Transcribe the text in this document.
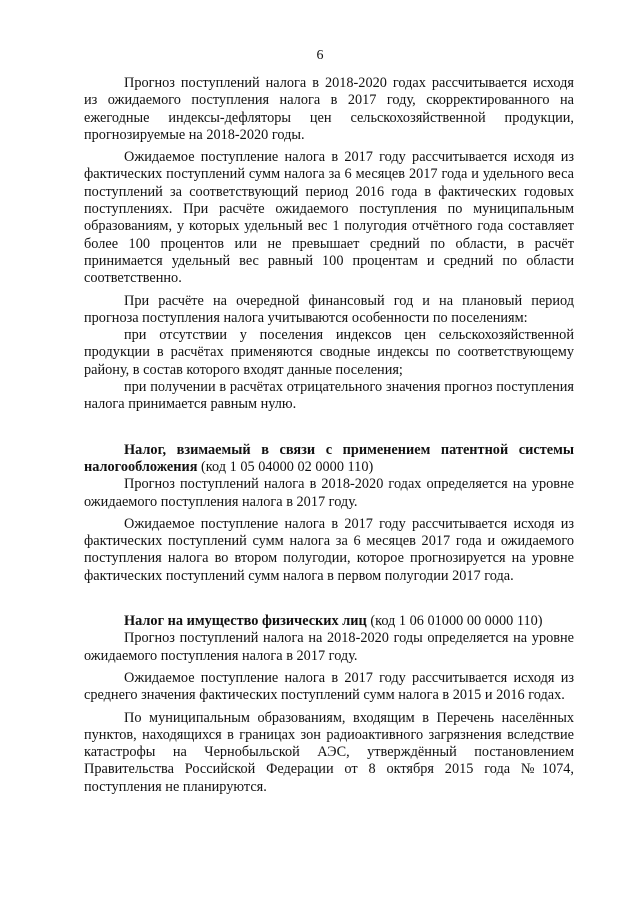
6

Прогноз поступлений налога в 2018-2020 годах рассчитывается исходя из ожидаемого поступления налога в 2017 году, скорректированного на ежегодные индексы-дефляторы цен сельскохозяйственной продукции, прогнозируемые на 2018-2020 годы.

Ожидаемое поступление налога в 2017 году рассчитывается исходя из фактических поступлений сумм налога за 6 месяцев 2017 года и удельного веса поступлений за соответствующий период 2016 года в фактических годовых поступлениях. При расчёте ожидаемого поступления по муниципальным образованиям, у которых удельный вес 1 полугодия отчётного года составляет более 100 процентов или не превышает средний по области, в расчёт принимается удельный вес равный 100 процентам и средний по области соответственно.

При расчёте на очередной финансовый год и на плановый период прогноза поступления налога учитываются особенности по поселениям:

при отсутствии у поселения индексов цен сельскохозяйственной продукции в расчётах применяются сводные индексы по соответствующему району, в состав которого входят данные поселения;

при получении в расчётах отрицательного значения прогноз поступления налога принимается равным нулю.

Налог, взимаемый в связи с применением патентной системы налогообложения (код 1 05 04000 02 0000 110)

Прогноз поступлений налога в 2018-2020 годах определяется на уровне ожидаемого поступления налога в 2017 году.

Ожидаемое поступление налога в 2017 году рассчитывается исходя из фактических поступлений сумм налога за 6 месяцев 2017 года и ожидаемого поступления налога во втором полугодии, которое прогнозируется на уровне фактических поступлений сумм налога в первом полугодии 2017 года.

Налог на имущество физических лиц (код 1 06 01000 00 0000 110)

Прогноз поступлений налога на 2018-2020 годы определяется на уровне ожидаемого поступления налога в 2017 году.

Ожидаемое поступление налога в 2017 году рассчитывается исходя из среднего значения фактических поступлений сумм налога в 2015 и 2016 годах.

По муниципальным образованиям, входящим в Перечень населённых пунктов, находящихся в границах зон радиоактивного загрязнения вследствие катастрофы на Чернобыльской АЭС, утверждённый постановлением Правительства Российской Федерации от 8 октября 2015 года №1074, поступления не планируются.
